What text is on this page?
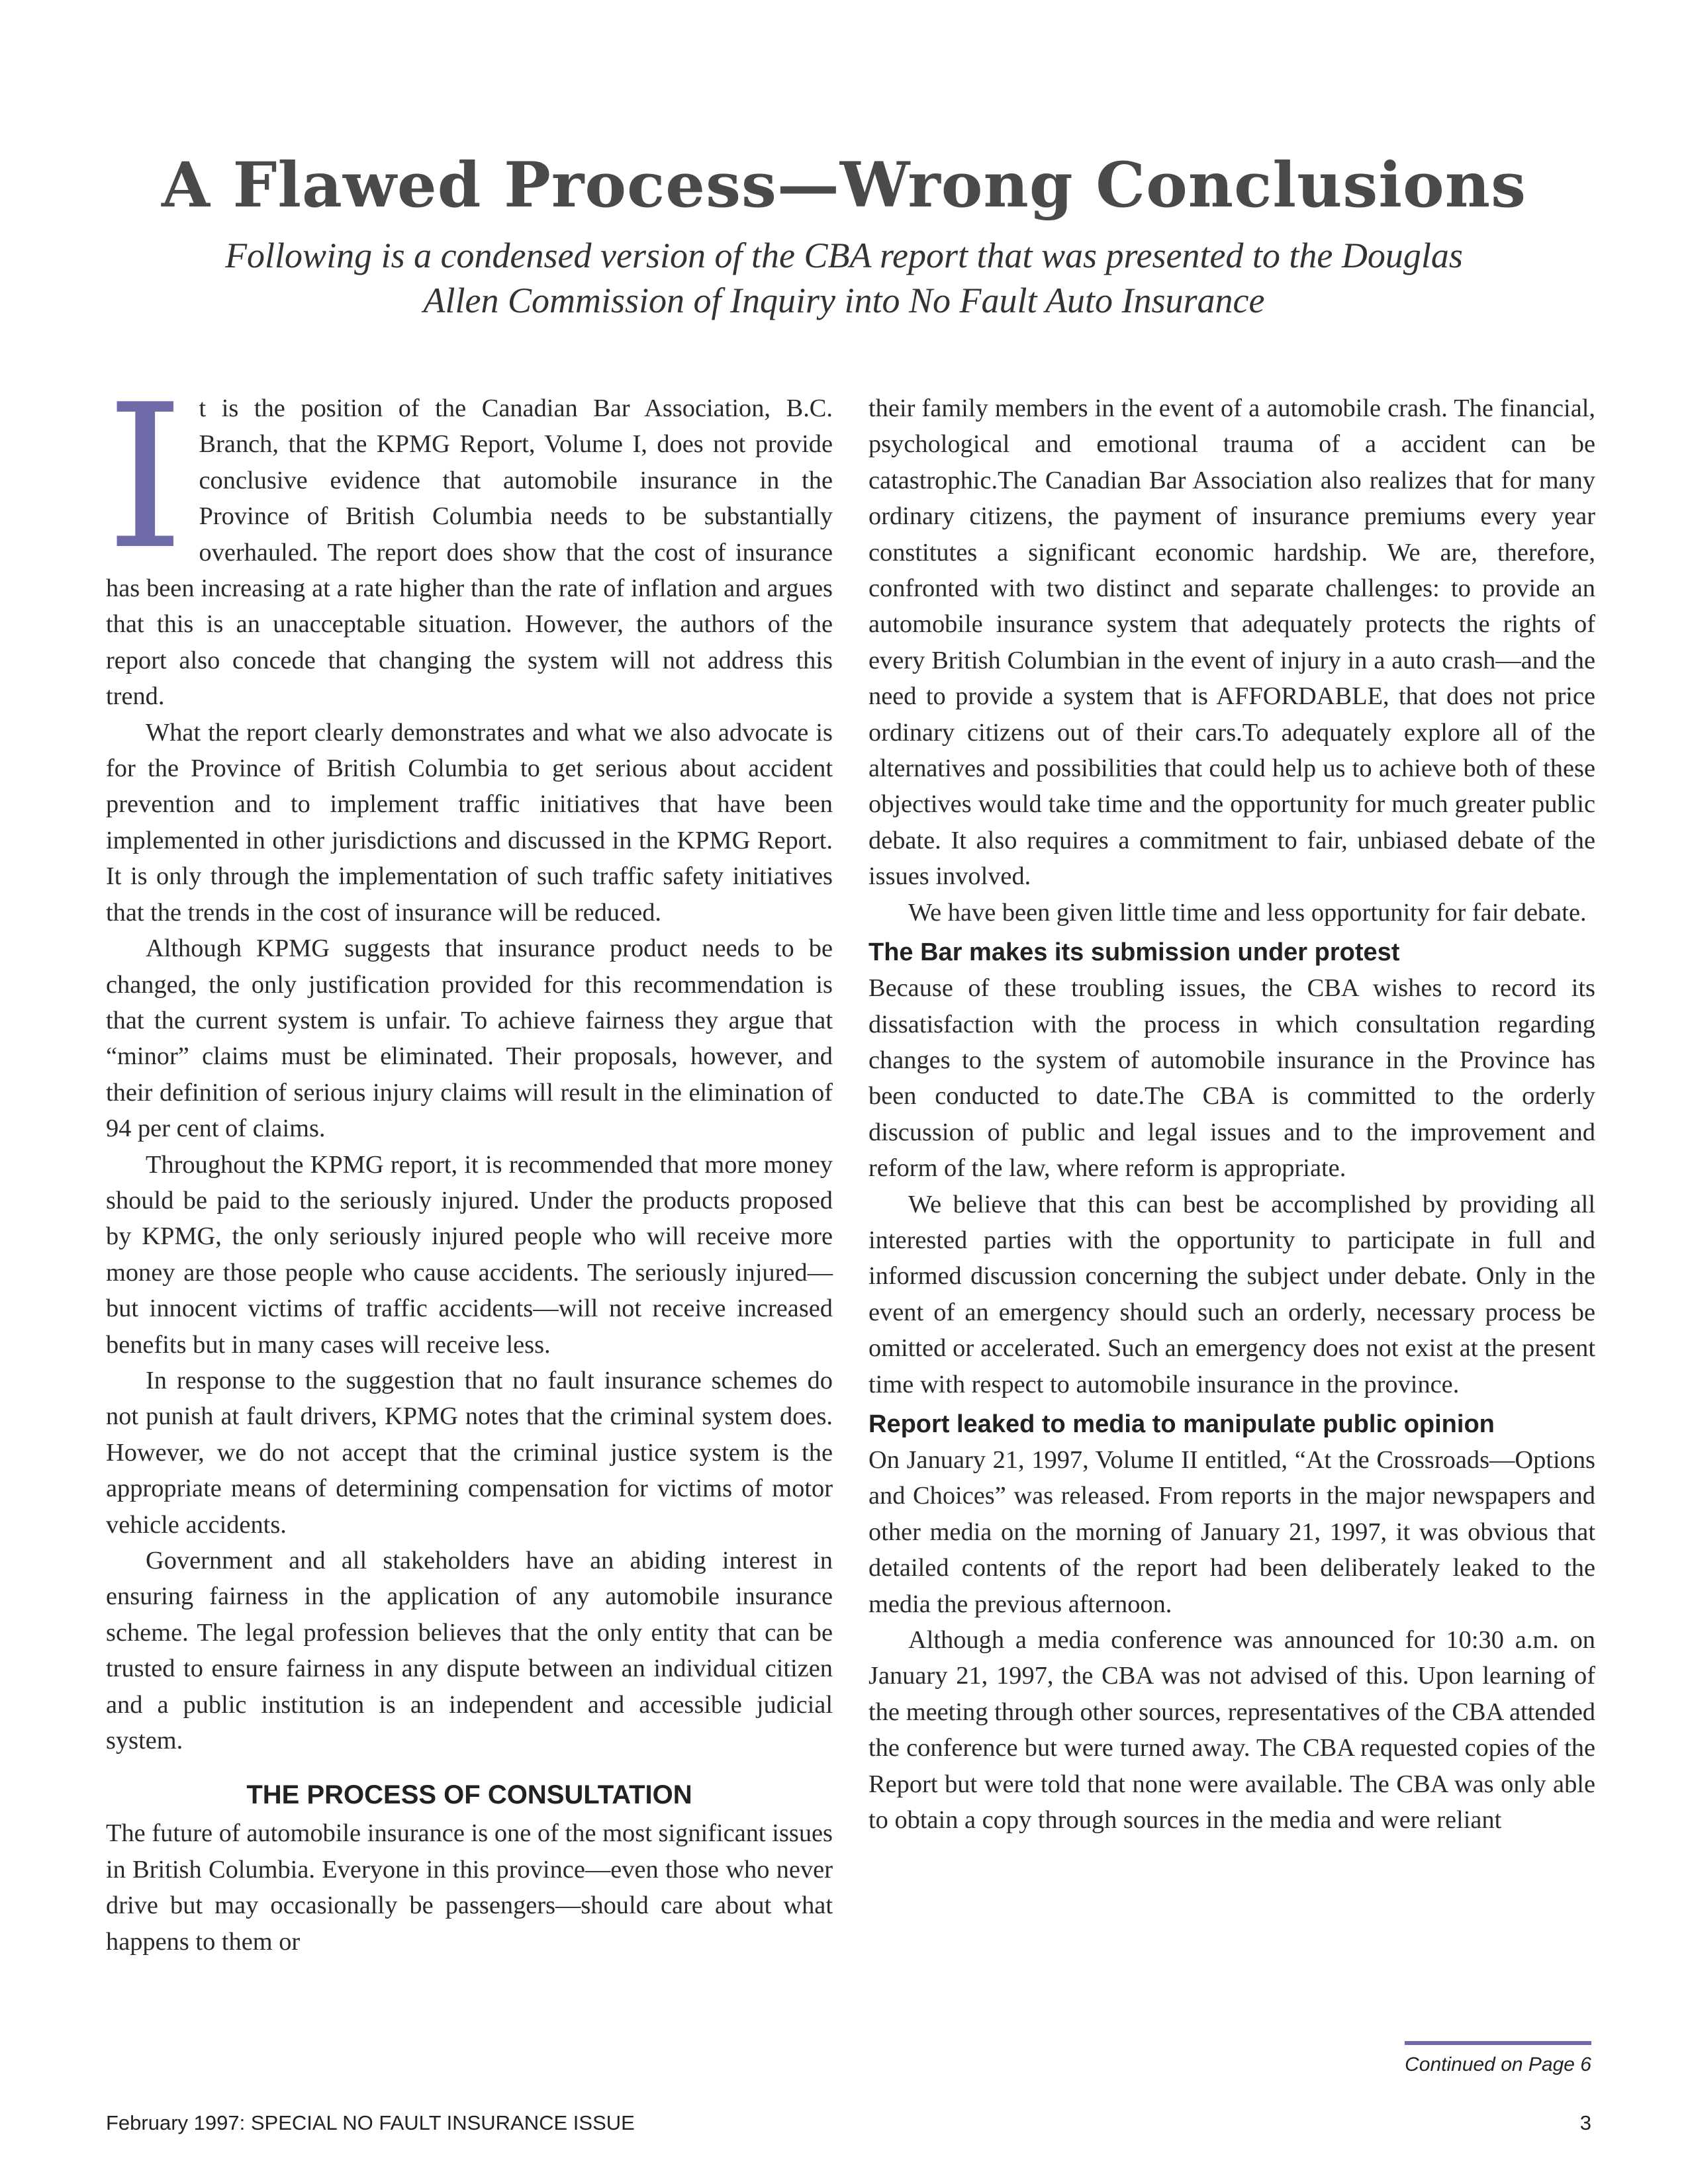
A Flawed Process—Wrong Conclusions
Following is a condensed version of the CBA report that was presented to the Douglas Allen Commission of Inquiry into No Fault Auto Insurance

It is the position of the Canadian Bar Association, B.C. Branch, that the KPMG Report, Volume I, does not provide conclusive evidence that automobile insurance in the Province of British Columbia needs to be substantially overhauled. The report does show that the cost of insurance has been increasing at a rate higher than the rate of inflation and argues that this is an unacceptable situation. However, the authors of the report also concede that changing the system will not address this trend.

What the report clearly demonstrates and what we also advocate is for the Province of British Columbia to get serious about accident prevention and to implement traffic initiatives that have been implemented in other jurisdictions and discussed in the KPMG Report. It is only through the implementation of such traffic safety initiatives that the trends in the cost of insurance will be reduced.

Although KPMG suggests that insurance product needs to be changed, the only justification provided for this recommendation is that the current system is unfair. To achieve fairness they argue that “minor” claims must be eliminated. Their proposals, however, and their definition of serious injury claims will result in the elimination of 94 per cent of claims.

Throughout the KPMG report, it is recommended that more money should be paid to the seriously injured. Under the products proposed by KPMG, the only seriously injured people who will receive more money are those people who cause accidents. The seriously injured—but innocent victims of traffic accidents—will not receive increased benefits but in many cases will receive less.

In response to the suggestion that no fault insurance schemes do not punish at fault drivers, KPMG notes that the criminal system does. However, we do not accept that the criminal justice system is the appropriate means of determining compensation for victims of motor vehicle accidents.

Government and all stakeholders have an abiding interest in ensuring fairness in the application of any automobile insurance scheme. The legal profession believes that the only entity that can be trusted to ensure fairness in any dispute between an individual citizen and a public institution is an independent and accessible judicial system.

THE PROCESS OF CONSULTATION

The future of automobile insurance is one of the most significant issues in British Columbia. Everyone in this province—even those who never drive but may occasionally be passengers—should care about what happens to them or

their family members in the event of a automobile crash. The financial, psychological and emotional trauma of a accident can be catastrophic.The Canadian Bar Association also realizes that for many ordinary citizens, the payment of insurance premiums every year constitutes a significant economic hardship. We are, therefore, confronted with two distinct and separate challenges: to provide an automobile insurance system that adequately protects the rights of every British Columbian in the event of injury in a auto crash—and the need to provide a system that is AFFORDABLE, that does not price ordinary citizens out of their cars.To adequately explore all of the alternatives and possibilities that could help us to achieve both of these objectives would take time and the opportunity for much greater public debate. It also requires a commitment to fair, unbiased debate of the issues involved.

We have been given little time and less opportunity for fair debate.

The Bar makes its submission under protest

Because of these troubling issues, the CBA wishes to record its dissatisfaction with the process in which consultation regarding changes to the system of automobile insurance in the Province has been conducted to date.The CBA is committed to the orderly discussion of public and legal issues and to the improvement and reform of the law, where reform is appropriate.

We believe that this can best be accomplished by providing all interested parties with the opportunity to participate in full and informed discussion concerning the subject under debate. Only in the event of an emergency should such an orderly, necessary process be omitted or accelerated. Such an emergency does not exist at the present time with respect to automobile insurance in the province.

Report leaked to media to manipulate public opinion

On January 21, 1997, Volume II entitled, “At the Crossroads—Options and Choices” was released. From reports in the major newspapers and other media on the morning of January 21, 1997, it was obvious that detailed contents of the report had been deliberately leaked to the media the previous afternoon.

Although a media conference was announced for 10:30 a.m. on January 21, 1997, the CBA was not advised of this. Upon learning of the meeting through other sources, representatives of the CBA attended the conference but were turned away. The CBA requested copies of the Report but were told that none were available. The CBA was only able to obtain a copy through sources in the media and were reliant

Continued on Page 6
February 1997: SPECIAL NO FAULT INSURANCE ISSUE	3
